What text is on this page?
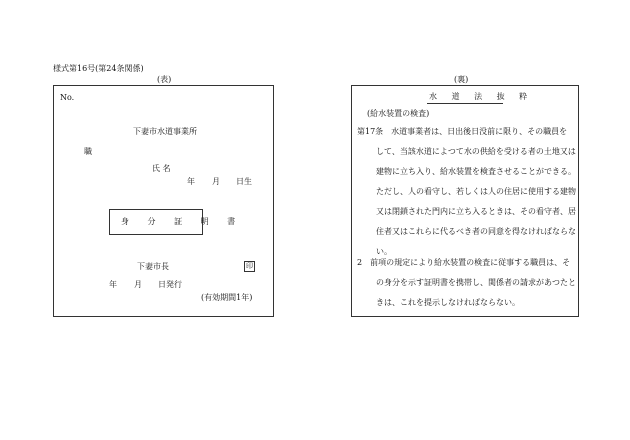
様式第16号(第24条関係)
(表)
No.
下妻市水道事業所
職
氏 名
年 月 日生
身 分 証 明 書
下妻市長	印
年 月 日発行
(有効期間1年)
(裏)
水 道 法 抜 粋
(給水装置の検査)
第17条　水道事業者は、日出後日没前に限り、その職員を
して、当該水道によつて水の供給を受ける者の土地又は
建物に立ち入り、給水装置を検査させることができる。
ただし、人の看守し、若しくは人の住居に使用する建物
又は閉鎖された門内に立ち入るときは、その看守者、居
住者又はこれらに代るべき者の同意を得なければならな
い。
2　前項の規定により給水装置の検査に従事する職員は、そ
の身分を示す証明書を携帯し、関係者の請求があつたと
きは、これを提示しなければならない。
